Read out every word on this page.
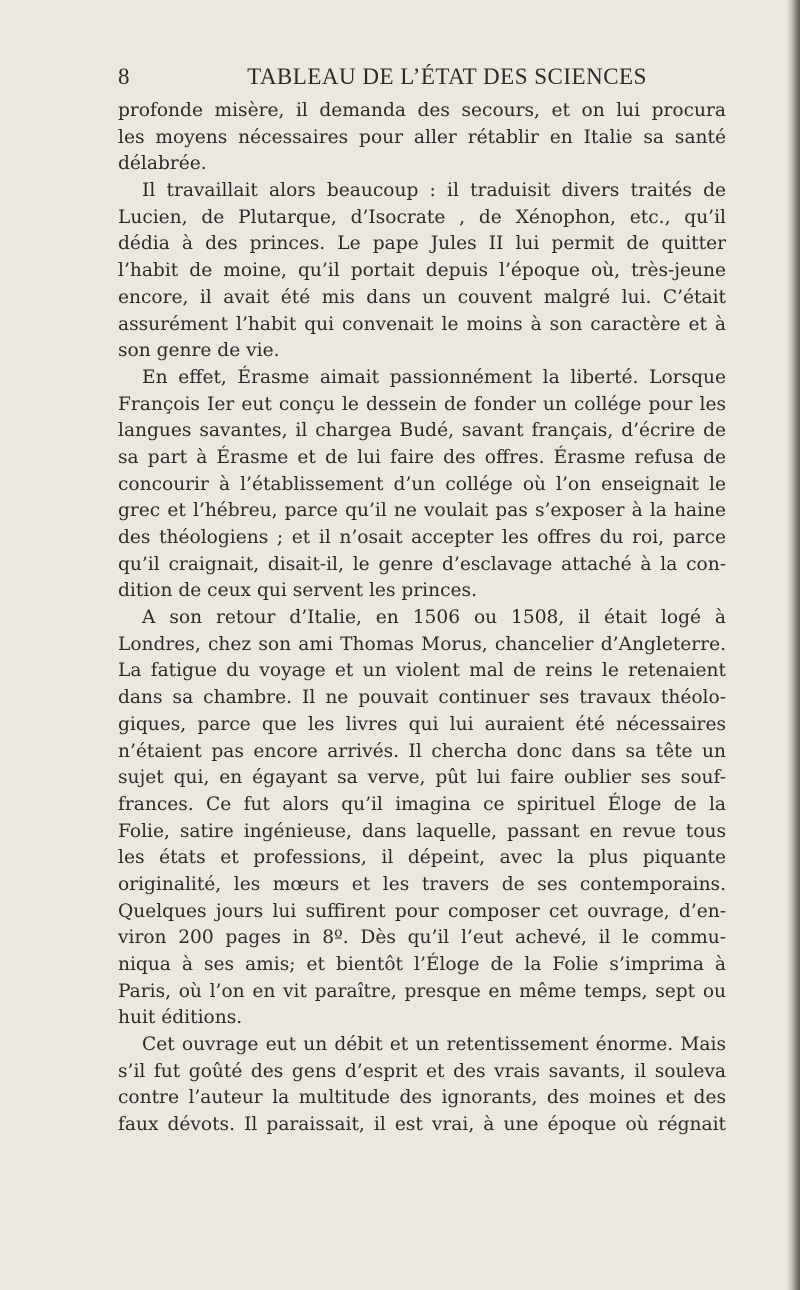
8	TABLEAU DE L’ÉTAT DES SCIENCES
profonde misère, il demanda des secours, et on lui procura
les moyens nécessaires pour aller rétablir en Italie sa santé
délabrée.
Il travaillait alors beaucoup : il traduisit divers traités de
Lucien, de Plutarque, d’Isocrate , de Xénophon, etc., qu’il
dédia à des princes. Le pape Jules II lui permit de quitter
l’habit de moine, qu’il portait depuis l’époque où, très-jeune
encore, il avait été mis dans un couvent malgré lui. C’était
assurément l’habit qui convenait le moins à son caractère et à
son genre de vie.
En effet, Érasme aimait passionnément la liberté. Lorsque
François Ier eut conçu le dessein de fonder un collége pour les
langues savantes, il chargea Budé, savant français, d’écrire de
sa part à Érasme et de lui faire des offres. Érasme refusa de
concourir à l’établissement d’un collége où l’on enseignait le
grec et l’hébreu, parce qu’il ne voulait pas s’exposer à la haine
des théologiens ; et il n’osait accepter les offres du roi, parce
qu’il craignait, disait-il, le genre d’esclavage attaché à la con-
dition de ceux qui servent les princes.
A son retour d’Italie, en 1506 ou 1508, il était logé à
Londres, chez son ami Thomas Morus, chancelier d’Angleterre.
La fatigue du voyage et un violent mal de reins le retenaient
dans sa chambre. Il ne pouvait continuer ses travaux théolo-
giques, parce que les livres qui lui auraient été nécessaires
n’étaient pas encore arrivés. Il chercha donc dans sa tête un
sujet qui, en égayant sa verve, pût lui faire oublier ses souf-
frances. Ce fut alors qu’il imagina ce spirituel Éloge de la
Folie, satire ingénieuse, dans laquelle, passant en revue tous
les états et professions, il dépeint, avec la plus piquante
originalité, les mœurs et les travers de ses contemporains.
Quelques jours lui suffirent pour composer cet ouvrage, d’en-
viron 200 pages in 8º. Dès qu’il l’eut achevé, il le commu-
niqua à ses amis; et bientôt l’Éloge de la Folie s’imprima à
Paris, où l’on en vit paraître, presque en même temps, sept ou
huit éditions.
Cet ouvrage eut un débit et un retentissement énorme. Mais
s’il fut goûté des gens d’esprit et des vrais savants, il souleva
contre l’auteur la multitude des ignorants, des moines et des
faux dévots. Il paraissait, il est vrai, à une époque où régnait
